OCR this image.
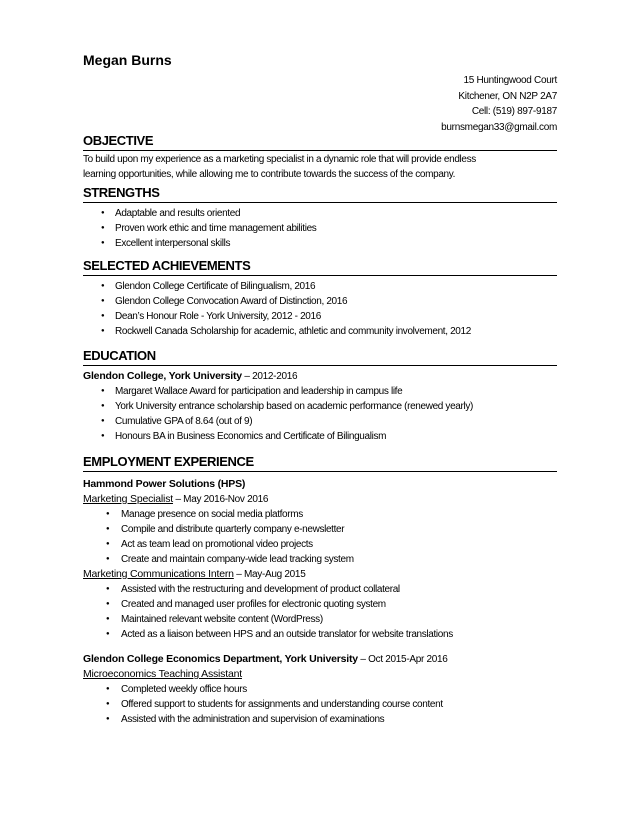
Megan Burns
15 Huntingwood Court
Kitchener, ON N2P 2A7
Cell: (519) 897-9187
burnsmegan33@gmail.com
OBJECTIVE
To build upon my experience as a marketing specialist in a dynamic role that will provide endless
learning opportunities, while allowing me to contribute towards the success of the company.
STRENGTHS
● Adaptable and results oriented
● Proven work ethic and time management abilities
● Excellent interpersonal skills
SELECTED ACHIEVEMENTS
● Glendon College Certificate of Bilingualism, 2016
● Glendon College Convocation Award of Distinction, 2016
● Dean’s Honour Role - York University, 2012 - 2016
● Rockwell Canada Scholarship for academic, athletic and community involvement, 2012
EDUCATION
Glendon College, York University – 2012-2016
● Margaret Wallace Award for participation and leadership in campus life
● York University entrance scholarship based on academic performance (renewed yearly)
● Cumulative GPA of 8.64 (out of 9)
● Honours BA in Business Economics and Certificate of Bilingualism
EMPLOYMENT EXPERIENCE
Hammond Power Solutions (HPS)
Marketing Specialist – May 2016-Nov 2016
● Manage presence on social media platforms
● Compile and distribute quarterly company e-newsletter
● Act as team lead on promotional video projects
● Create and maintain company-wide lead tracking system
Marketing Communications Intern – May-Aug 2015
● Assisted with the restructuring and development of product collateral
● Created and managed user profiles for electronic quoting system
● Maintained relevant website content (WordPress)
● Acted as a liaison between HPS and an outside translator for website translations
Glendon College Economics Department, York University – Oct 2015-Apr 2016
Microeconomics Teaching Assistant
● Completed weekly office hours
● Offered support to students for assignments and understanding course content
● Assisted with the administration and supervision of examinations
